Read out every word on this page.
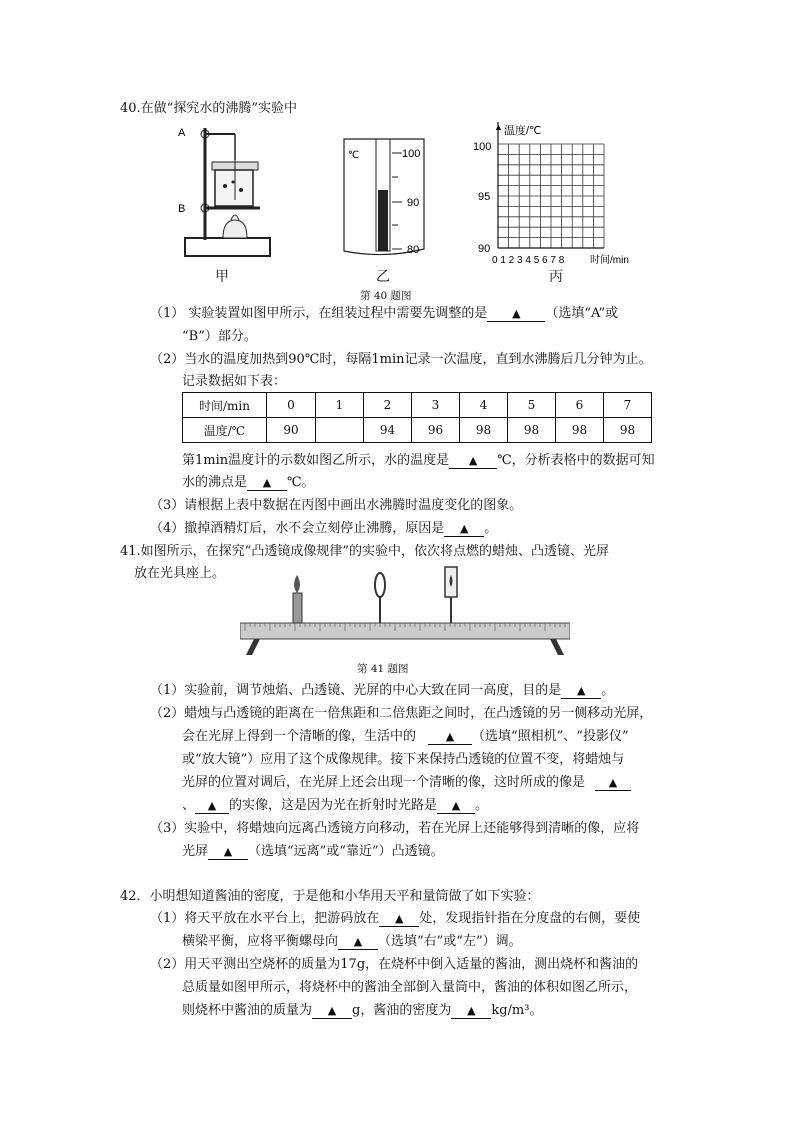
40.在做“探究水的沸腾”实验中
A
B
甲
℃	100
90
80
乙
▲ 温度/℃
100
95
90
0 1 2 3 4 5 6 7 8	时间/min
丙
第 40 题图
（1） 实验装置如图甲所示，在组装过程中需要先调整的是 ▲ （选填“A”或
“B”）部分。
（2）当水的温度加热到90℃时，每隔1min记录一次温度，直到水沸腾后几分钟为止。
记录数据如下表：
时间/min	0	1	2	3	4	5	6	7
温度/℃	90		94	96	98	98	98	98
第1min温度计的示数如图乙所示，水的温度是 ▲ ℃，分析表格中的数据可知
水的沸点是 ▲ ℃。
（3）请根据上表中数据在丙图中画出水沸腾时温度变化的图象。
（4）撤掉酒精灯后，水不会立刻停止沸腾，原因是 ▲ 。
41.如图所示，在探究“凸透镜成像规律”的实验中，依次将点燃的蜡烛、凸透镜、光屏
放在光具座上。
第 41 题图
（1）实验前，调节烛焰、凸透镜、光屏的中心大致在同一高度，目的是 ▲ 。
（2）蜡烛与凸透镜的距离在一倍焦距和二倍焦距之间时，在凸透镜的另一侧移动光屏，
会在光屏上得到一个清晰的像，生活中的	▲ （选填“照相机”、“投影仪”
或“放大镜”）应用了这个成像规律。接下来保持凸透镜的位置不变，将蜡烛与
光屏的位置对调后，在光屏上还会出现一个清晰的像，这时所成的像是 ▲
、 ▲ 的实像，这是因为光在折射时光路是 ▲ 。
（3）实验中，将蜡烛向远离凸透镜方向移动，若在光屏上还能够得到清晰的像，应将
光屏 ▲ （选填“远离”或“靠近”）凸透镜。
42．小明想知道酱油的密度，于是他和小华用天平和量筒做了如下实验：
（1）将天平放在水平台上，把游码放在 ▲ 处，发现指针指在分度盘的右侧，要使
横梁平衡，应将平衡螺母向 ▲ （选填“右”或“左”）调。
（2）用天平测出空烧杯的质量为17g，在烧杯中倒入适量的酱油，测出烧杯和酱油的
总质量如图甲所示，将烧杯中的酱油全部倒入量筒中，酱油的体积如图乙所示，
则烧杯中酱油的质量为 ▲ g，酱油的密度为 ▲ kg/m³。
